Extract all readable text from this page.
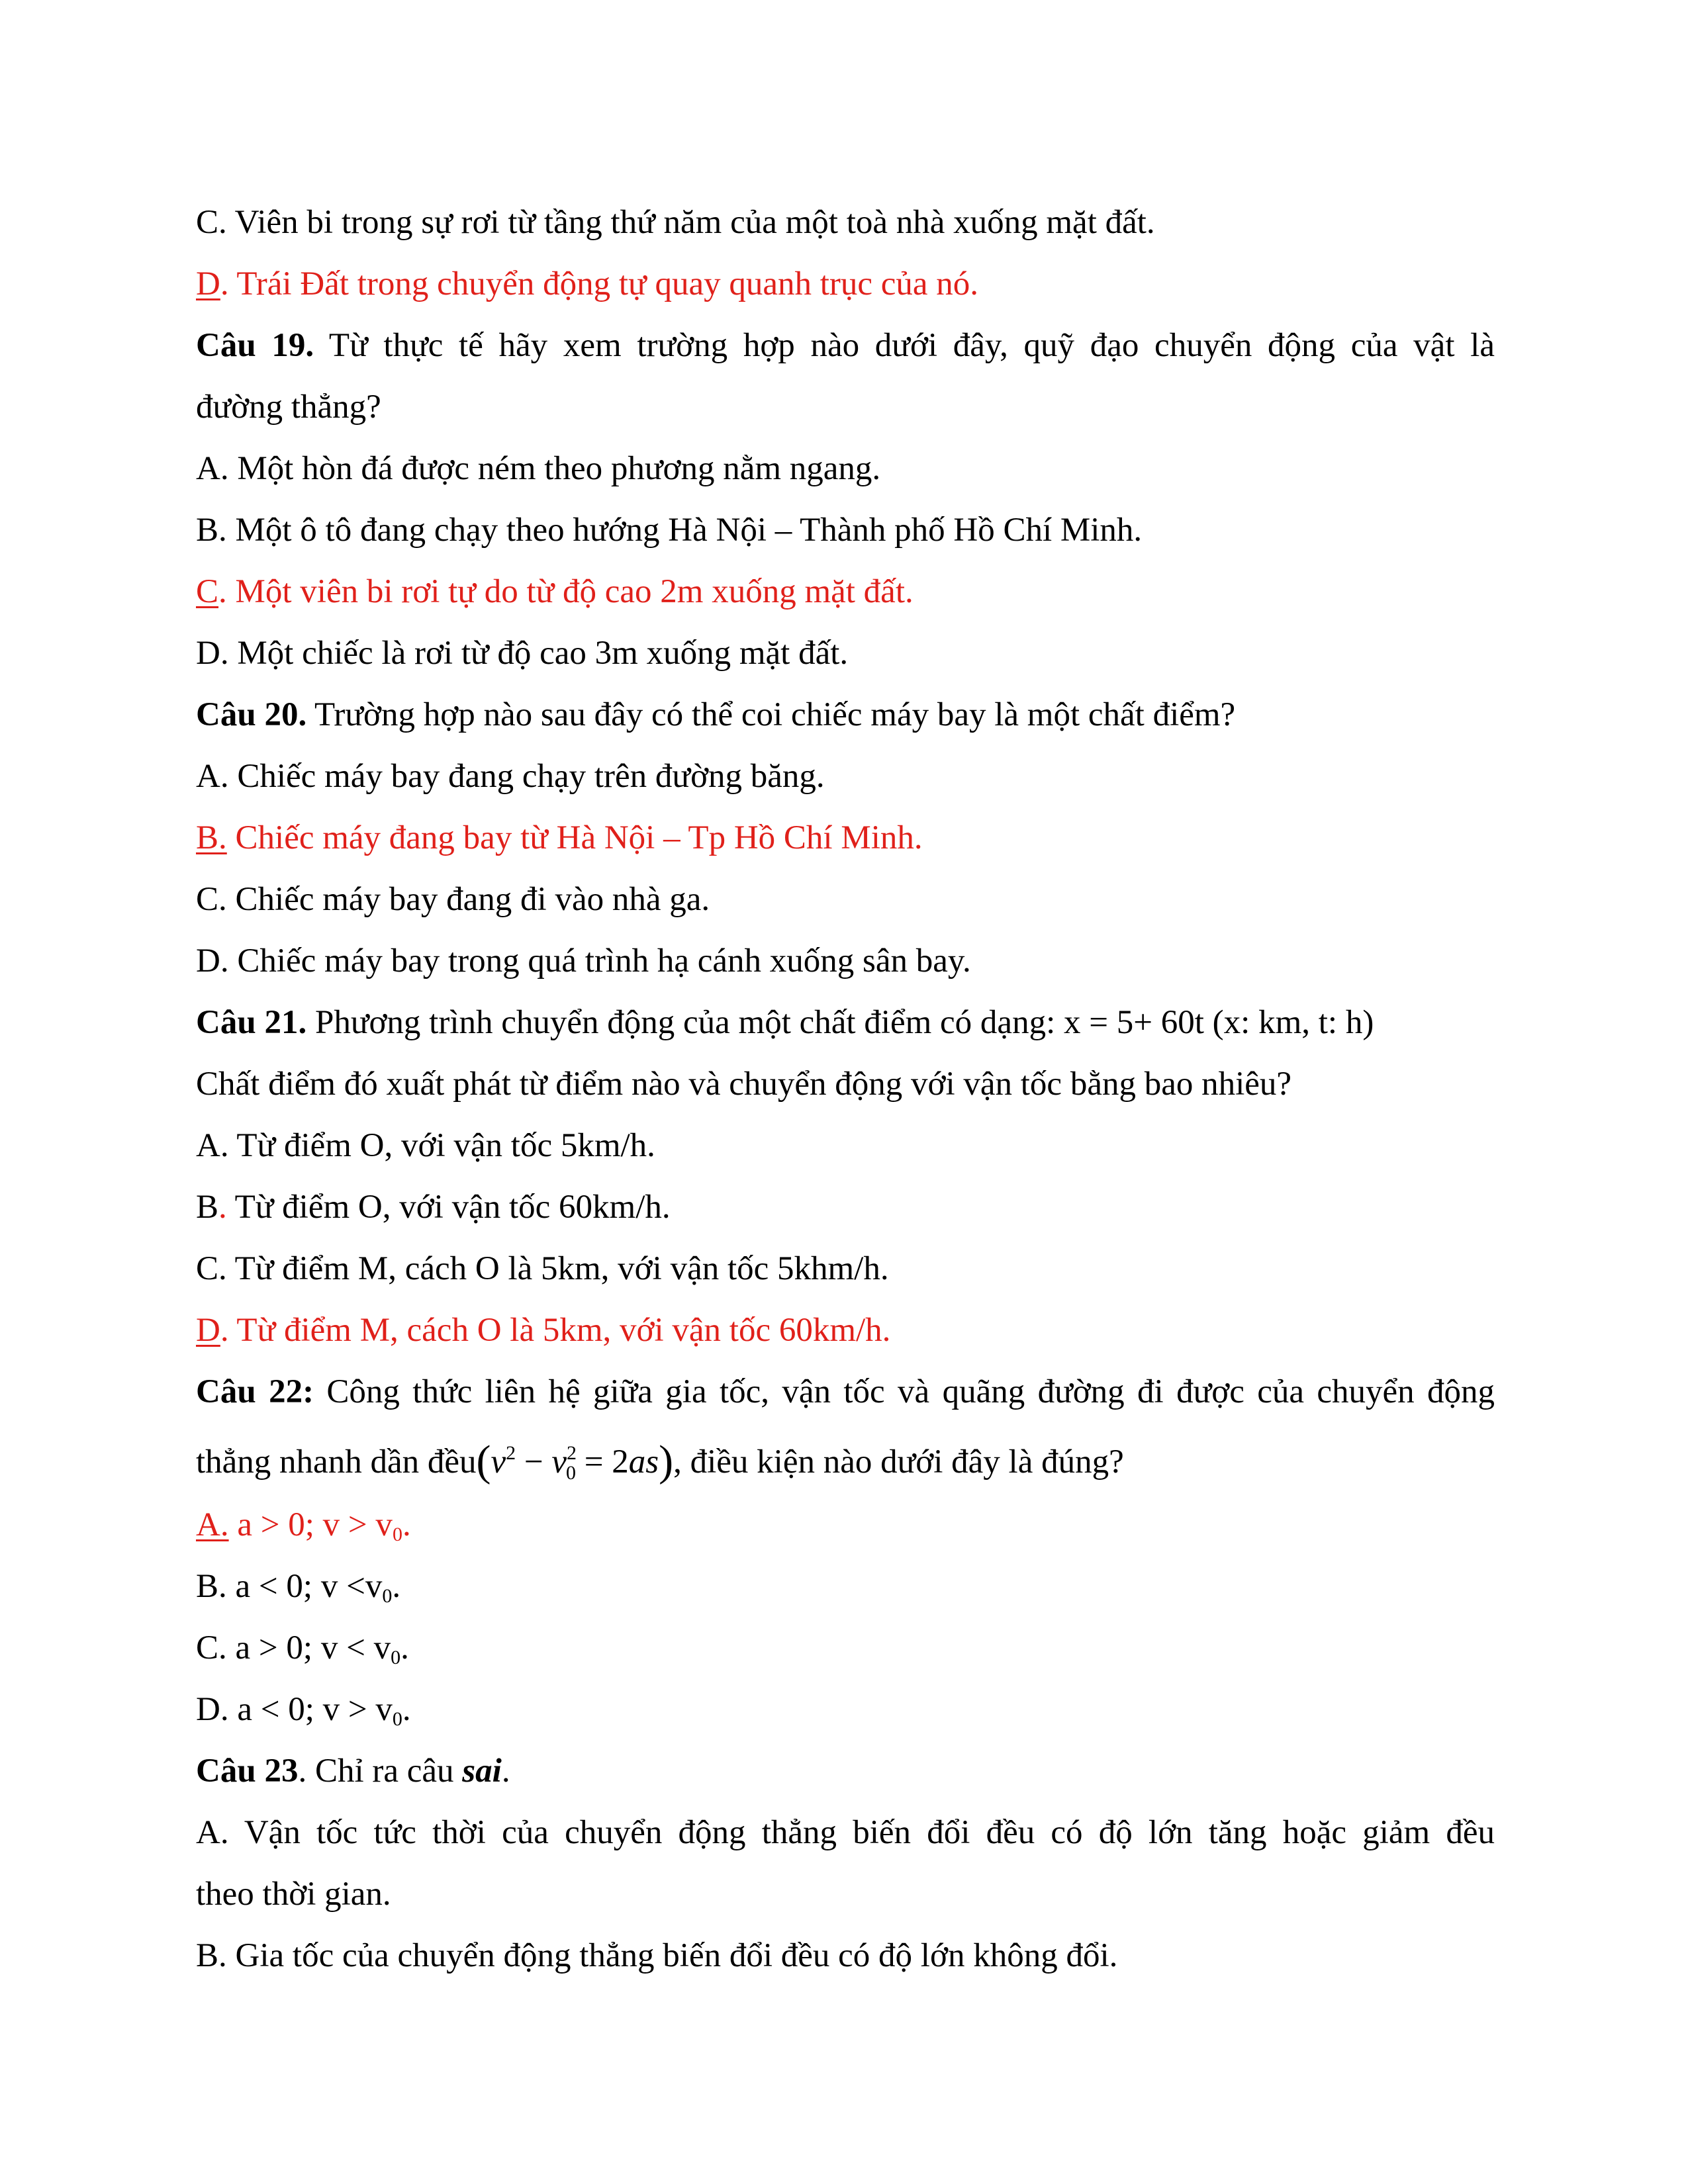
C. Viên bi trong sự rơi từ tầng thứ năm của một toà nhà xuống mặt đất.
D. Trái Đất trong chuyển động tự quay quanh trục của nó.
Câu 19. Từ thực tế hãy xem trường hợp nào dưới đây, quỹ đạo chuyển động của vật là
đường thẳng?
A. Một hòn đá được ném theo phương nằm ngang.
B. Một ô tô đang chạy theo hướng Hà Nội – Thành phố Hồ Chí Minh.
C. Một viên bi rơi tự do từ độ cao 2m xuống mặt đất.
D. Một chiếc là rơi từ độ cao 3m xuống mặt đất.
Câu 20. Trường hợp nào sau đây có thể coi chiếc máy bay là một chất điểm?
A. Chiếc máy bay đang chạy trên đường băng.
B. Chiếc máy đang bay từ Hà Nội – Tp Hồ Chí Minh.
C. Chiếc máy bay đang đi vào nhà ga.
D. Chiếc máy bay trong quá trình hạ cánh xuống sân bay.
Câu 21. Phương trình chuyển động của một chất điểm có dạng: x = 5+ 60t (x: km, t: h)
Chất điểm đó xuất phát từ điểm nào và chuyển động với vận tốc bằng bao nhiêu?
A. Từ điểm O, với vận tốc 5km/h.
B. Từ điểm O, với vận tốc 60km/h.
C. Từ điểm M, cách O là 5km, với vận tốc 5khm/h.
D. Từ điểm M, cách O là 5km, với vận tốc 60km/h.
Câu 22: Công thức liên hệ giữa gia tốc, vận tốc và quãng đường đi được của chuyển động
thẳng nhanh dần $đều(v^2 - v^20 = 2as)$, điều kiện nào dưới đây là đúng?
A. a > 0; v > v0.
B. a < 0; v <v0.
C. a > 0; v < v0.
D. a < 0; v > v0.
Câu 23. Chỉ ra câu sai.
A. Vận tốc tức thời của chuyển động thẳng biến đổi đều có độ lớn tăng hoặc giảm đều
theo thời gian.
B. Gia tốc của chuyển động thẳng biến đổi đều có độ lớn không đổi.
